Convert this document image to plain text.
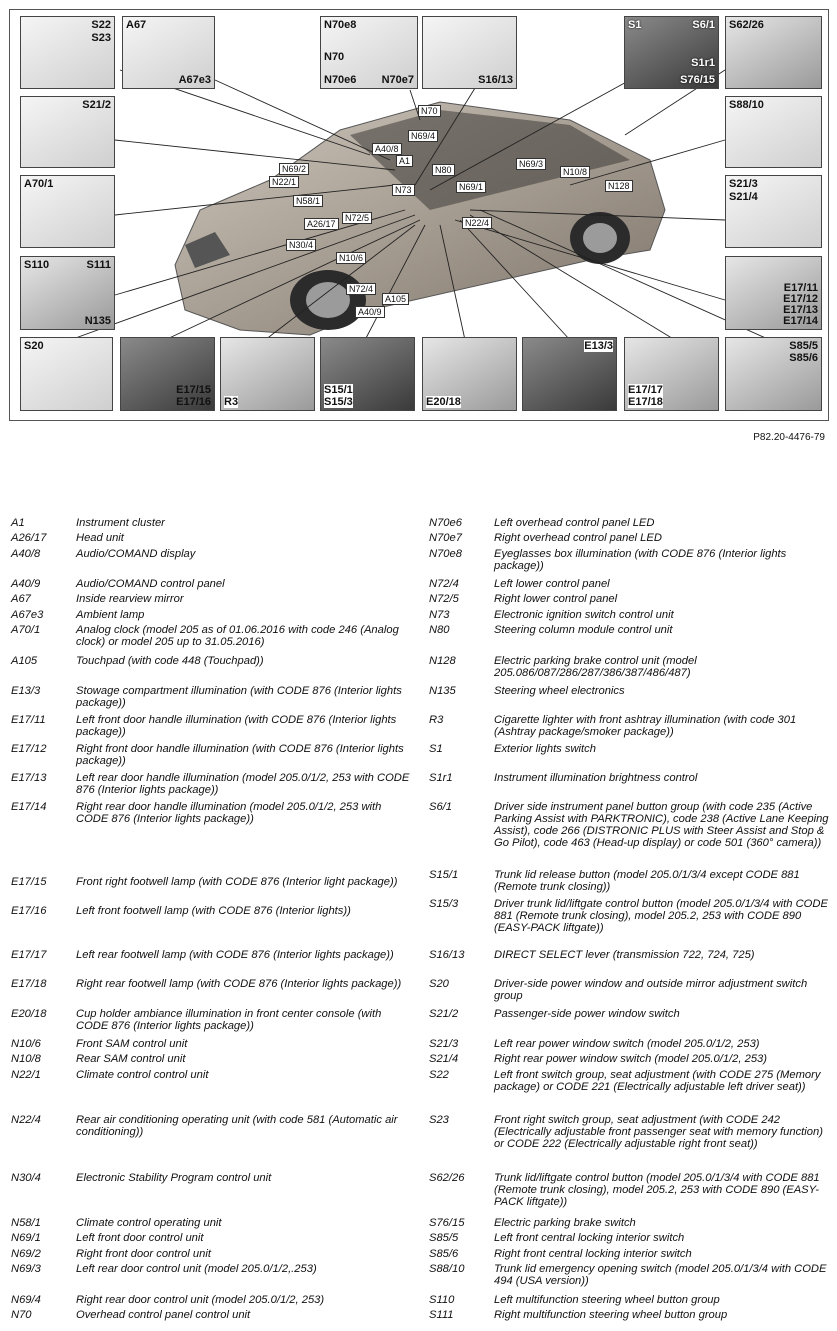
S22
S23
A67
A67e3
N70e8
N70
N70e6 N70e7	S16/13
S1	S6/1
S1r1
S76/15
S62/26
S21/2
A70/1
S110	S111
N135
S88/10
S21/3
S21/4
E17/11
E17/12
E17/13
E17/14
S20
E17/15
E17/16 R3
S15/1
S15/3	E20/18
E13/3
E17/17
E17/18
S85/5
S85/6
N70
N69/4
A40/8
A1
N69/2
N22/1
N80
N69/3
N10/8
N69/1	N128
N73
N58/1
A26/17
N72/5	N22/4
N30/4
N10/6
N72/4
A105
A40/9
P82.20-4476-79
A1	Instrument cluster
A26/17	Head unit
A40/8	Audio/COMAND display
A40/9	Audio/COMAND control panel
A67	Inside rearview mirror
A67e3	Ambient lamp
A70/1	Analog clock (model 205 as of 01.06.2016 with code 246 (Analog clock) or model 205 up to 31.05.2016)
A105	Touchpad (with code 448 (Touchpad))
E13/3	Stowage compartment illumination (with CODE 876 (Interior lights package))
E17/11	Left front door handle illumination (with CODE 876 (Interior lights package))
E17/12	Right front door handle illumination (with CODE 876 (Interior lights package))
E17/13	Left rear door handle illumination (model 205.0/1/2, 253 with CODE 876 (Interior lights package))
E17/14	Right rear door handle illumination (model 205.0/1/2, 253 with CODE 876 (Interior lights package))
E17/15	Front right footwell lamp (with CODE 876 (Interior light package))
E17/16	Left front footwell lamp (with CODE 876 (Interior lights))
E17/17	Left rear footwell lamp (with CODE 876 (Interior lights package))
E17/18	Right rear footwell lamp (with CODE 876 (Interior lights package))
E20/18	Cup holder ambiance illumination in front center console (with CODE 876 (Interior lights package))
N10/6	Front SAM control unit
N10/8	Rear SAM control unit
N22/1	Climate control control unit
N22/4	Rear air conditioning operating unit (with code 581 (Automatic air conditioning))
N30/4	Electronic Stability Program control unit
N58/1	Climate control operating unit
N69/1	Left front door control unit
N69/2	Right front door control unit
N69/3	Left rear door control unit (model 205.0/1/2,.253)
N69/4	Right rear door control unit (model 205.0/1/2, 253)
N70	Overhead control panel control unit
N70e6	Left overhead control panel LED
N70e7	Right overhead control panel LED
N70e8	Eyeglasses box illumination (with CODE 876 (Interior lights package))
N72/4	Left lower control panel
N72/5	Right lower control panel
N73	Electronic ignition switch control unit
N80	Steering column module control unit
N128	Electric parking brake control unit (model 205.086/087/286/287/386/387/486/487)
N135	Steering wheel electronics
R3	Cigarette lighter with front ashtray illumination (with code 301 (Ashtray package/smoker package))
S1	Exterior lights switch
S1r1	Instrument illumination brightness control
S6/1	Driver side instrument panel button group (with code 235 (Active Parking Assist with PARKTRONIC), code 238 (Active Lane Keeping Assist), code 266 (DISTRONIC PLUS with Steer Assist and Stop & Go Pilot), code 463 (Head-up display) or code 501 (360° camera))
S15/1	Trunk lid release button (model 205.0/1/3/4 except CODE 881 (Remote trunk closing))
S15/3	Driver trunk lid/liftgate control button (model 205.0/1/3/4 with CODE 881 (Remote trunk closing), model 205.2, 253 with CODE 890 (EASY-PACK liftgate))
S16/13	DIRECT SELECT lever (transmission 722, 724, 725)
S20	Driver-side power window and outside mirror adjustment switch group
S21/2	Passenger-side power window switch
S21/3	Left rear power window switch (model 205.0/1/2, 253)
S21/4	Right rear power window switch (model 205.0/1/2, 253)
S22	Left front switch group, seat adjustment (with CODE 275 (Memory package) or CODE 221 (Electrically adjustable left driver seat))
S23	Front right switch group, seat adjustment (with CODE 242 (Electrically adjustable front passenger seat with memory function) or CODE 222 (Electrically adjustable right front seat))
S62/26	Trunk lid/liftgate control button (model 205.0/1/3/4 with CODE 881 (Remote trunk closing), model 205.2, 253 with CODE 890 (EASY-PACK liftgate))
S76/15	Electric parking brake switch
S85/5	Left front central locking interior switch
S85/6	Right front central locking interior switch
S88/10	Trunk lid emergency opening switch (model 205.0/1/3/4 with CODE 494 (USA version))
S110	Left multifunction steering wheel button group
S111	Right multifunction steering wheel button group
